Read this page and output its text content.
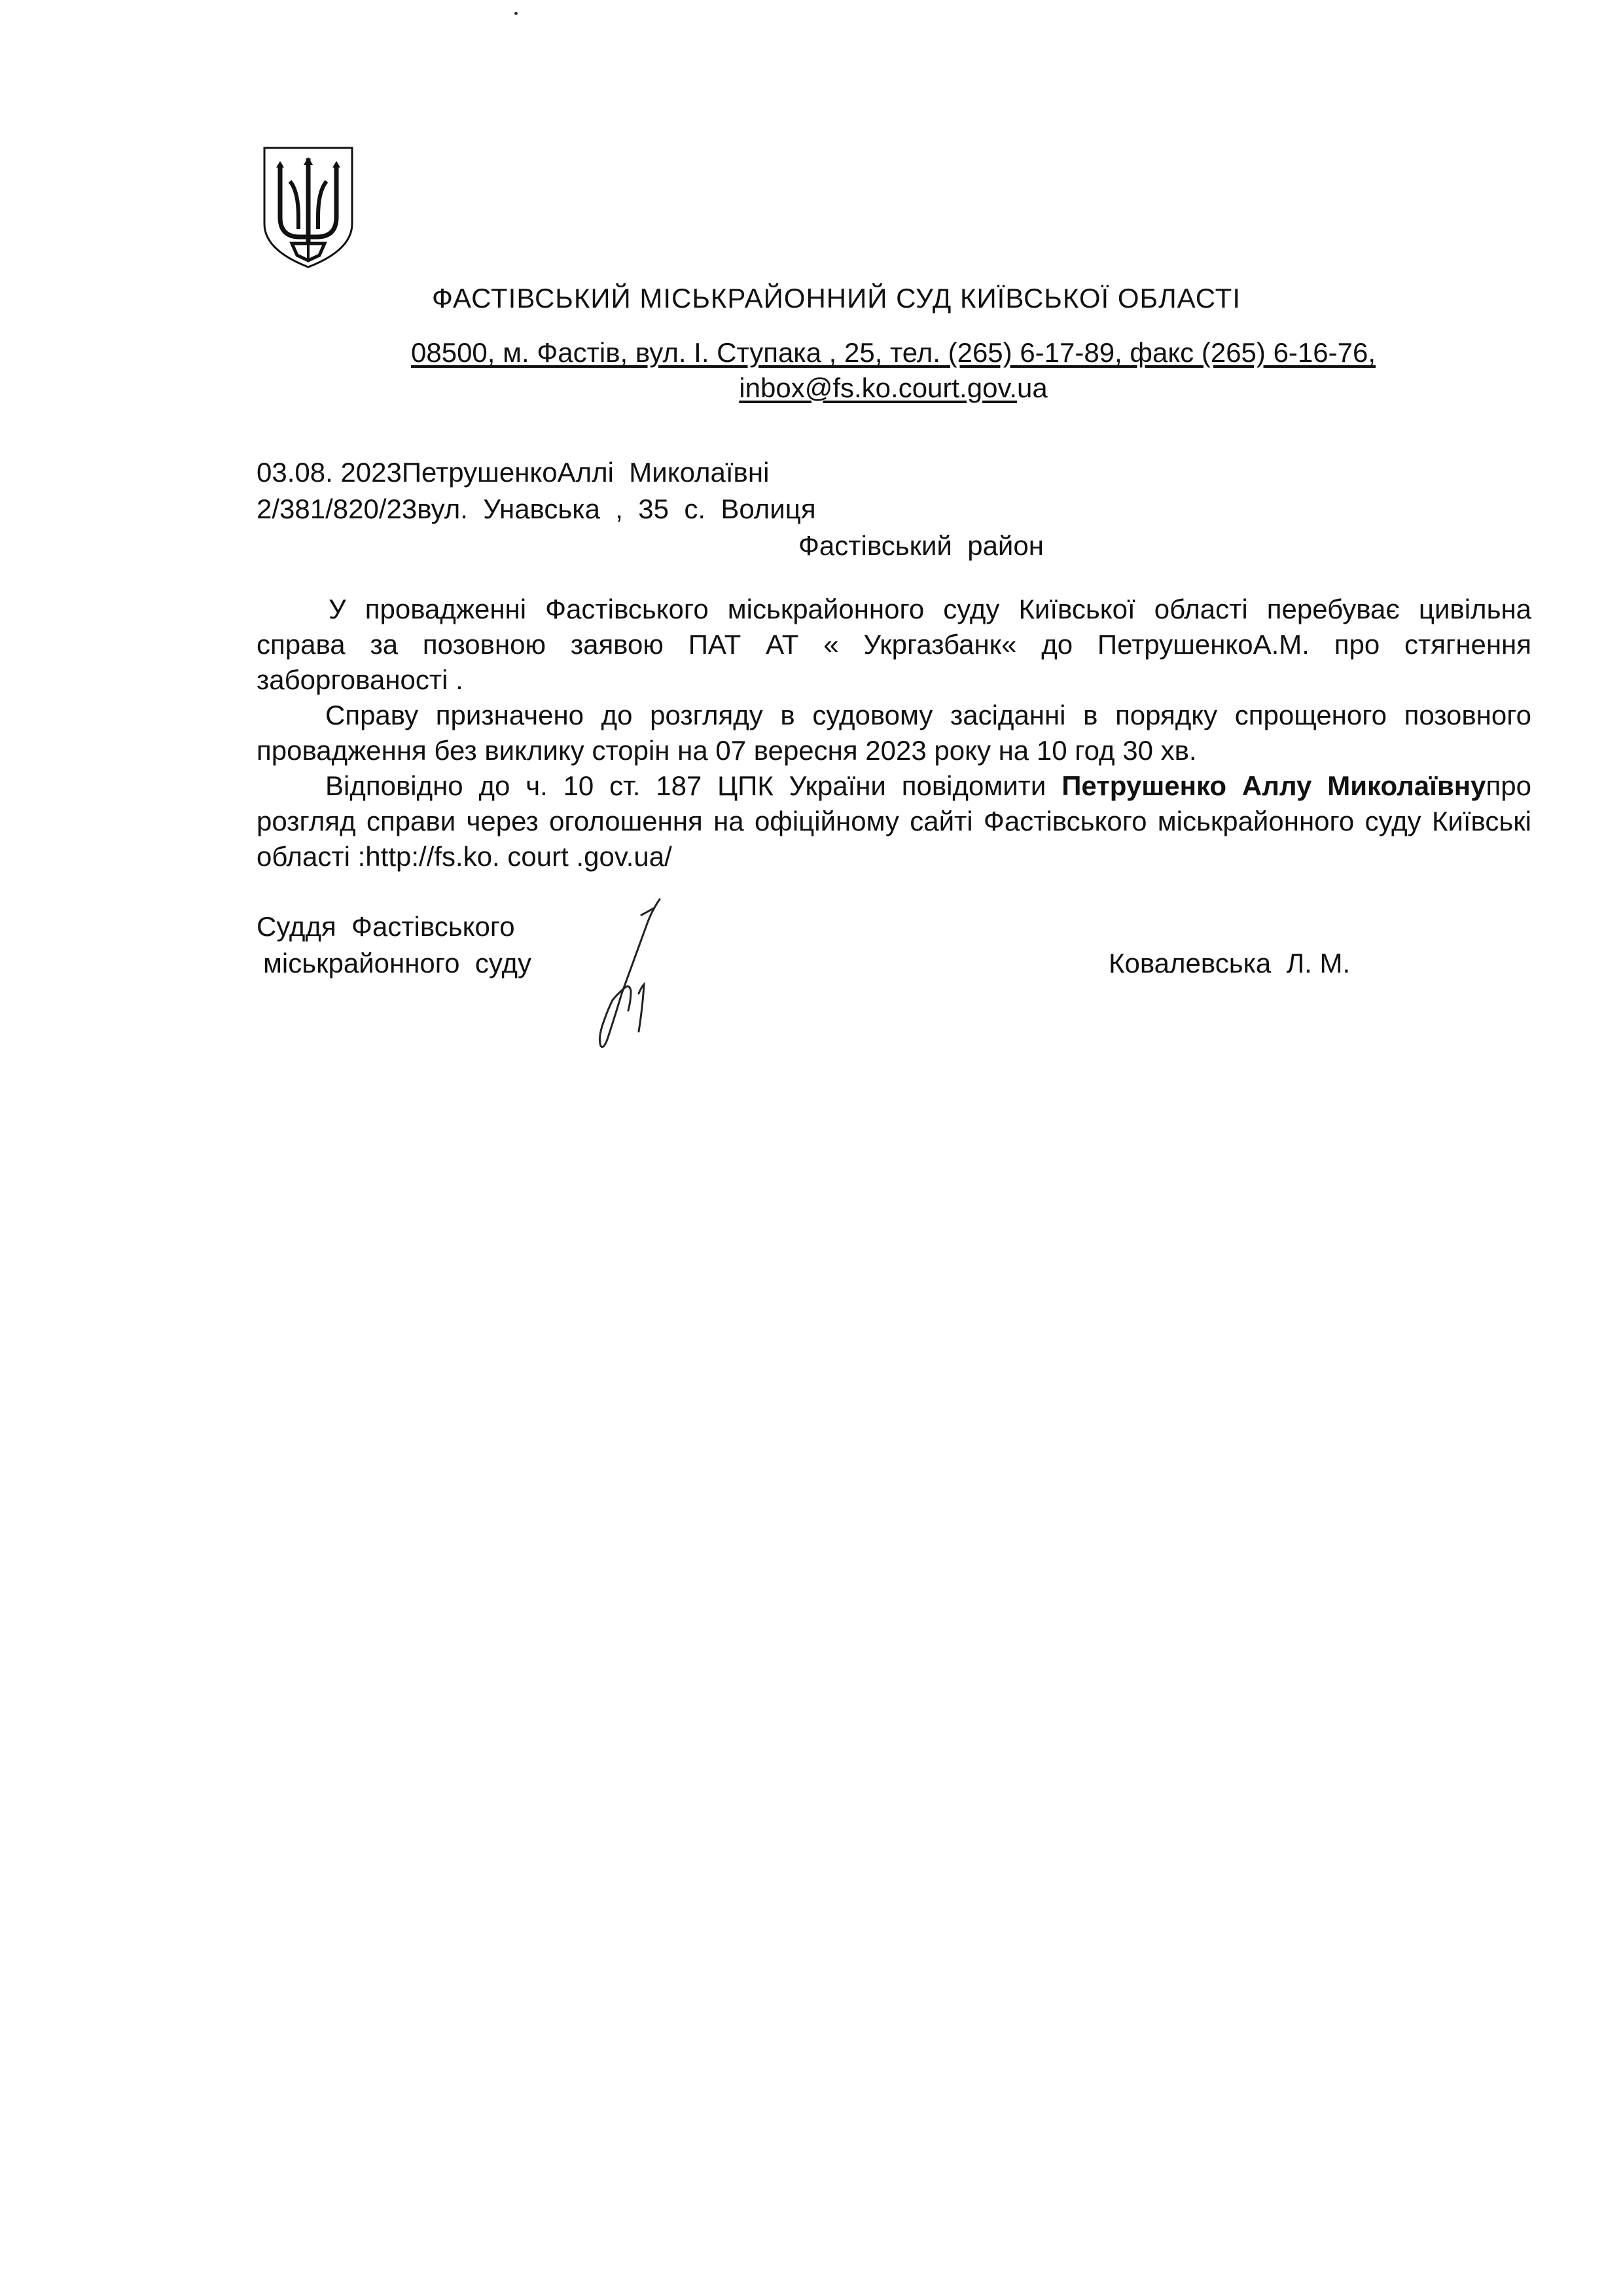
ФАСТІВСЬКИЙ МІСЬКРАЙОННИЙ СУД КИЇВСЬКОЇ ОБЛАСТІ
08500, м. Фастів, вул. І. Ступака , 25, тел. (265) 6-17-89, факс (265) 6-16-76,
inbox@fs.ko.court.gov.ua
03.08. 2023ПетрушенкоАллі  Миколаївні
2/381/820/23вул.  Унавська  ,  35  с.  Волиця
Фастівський  район

У провадженні Фастівського міськрайонного суду Київської області перебуває цивільна справа за позовною заявою ПАТ АТ « Укргазбанк« до ПетрушенкоА.М. про стягнення заборгованості .

Справу призначено до розгляду в судовому засіданні в порядку спрощеного позовного провадження без виклику сторін на 07 вересня 2023 року на 10 год 30 хв.

Відповідно до ч. 10 ст. 187 ЦПК України повідомити Петрушенко Аллу Миколаївнупро розгляд справи через оголошення на офіційному сайті Фастівського міськрайонного суду Київські області :http://fs.ko. court .gov.ua/

Суддя  Фастівського
міськрайонного  суду	Ковалевська  Л. М.
